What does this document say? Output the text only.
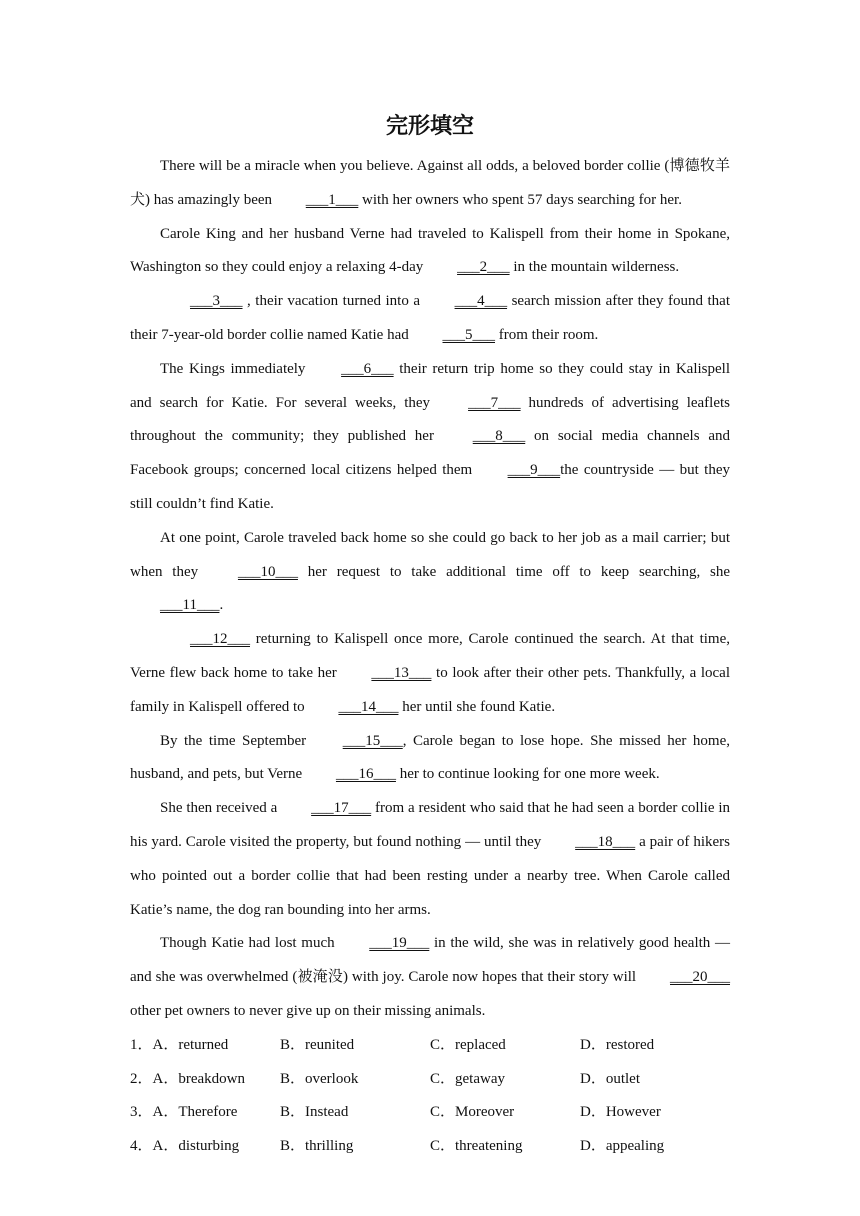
完形填空

There will be a miracle when you believe. Against all odds, a beloved border collie (博德牧羊犬) has amazingly been ___1___ with her owners who spent 57 days searching for her.

Carole King and her husband Verne had traveled to Kalispell from their home in Spokane, Washington so they could enjoy a relaxing 4-day ___2___ in the mountain wilderness.

___3___ , their vacation turned into a ___4___ search mission after they found that their 7-year-old border collie named Katie had ___5___ from their room.

The Kings immediately ___6___ their return trip home so they could stay in Kalispell and search for Katie. For several weeks, they ___7___ hundreds of advertising leaflets throughout the community; they published her ___8___ on social media channels and Facebook groups; concerned local citizens helped them ___9___the countryside — but they still couldn’t find Katie.

At one point, Carole traveled back home so she could go back to her job as a mail carrier; but when they ___10___ her request to take additional time off to keep searching, she ___11___.

___12___ returning to Kalispell once more, Carole continued the search. At that time, Verne flew back home to take her ___13___ to look after their other pets. Thankfully, a local family in Kalispell offered to ___14___ her until she found Katie.

By the time September ___15___, Carole began to lose hope. She missed her home, husband, and pets, but Verne ___16___ her to continue looking for one more week.

She then received a ___17___ from a resident who said that he had seen a border collie in his yard. Carole visited the property, but found nothing — until they ___18___ a pair of hikers who pointed out a border collie that had been resting under a nearby tree. When Carole called Katie’s name, the dog ran bounding into her arms.

Though Katie had lost much ___19___ in the wild, she was in relatively good health — and she was overwhelmed (被淹没) with joy. Carole now hopes that their story will ___20___ other pet owners to never give up on their missing animals.

1．A．returned	B．reunited	C．replaced	D．restored
2．A．breakdown B．overlook	C．getaway	D．outlet
3．A．Therefore	B．Instead	C．Moreover	D．However
4．A．disturbing	B．thrilling	C．threatening	D．appealing
